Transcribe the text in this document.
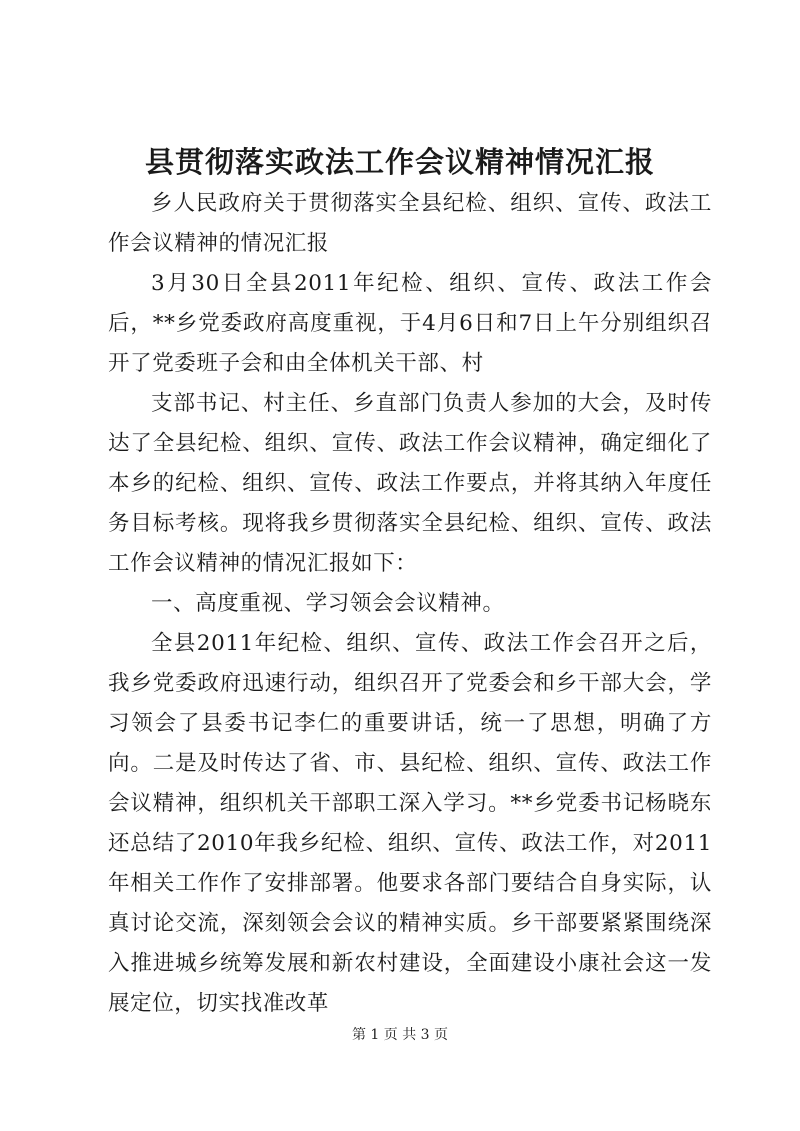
县贯彻落实政法工作会议精神情况汇报

乡人民政府关于贯彻落实全县纪检、组织、宣传、政法工作会议精神的情况汇报

3月30日全县2011年纪检、组织、宣传、政法工作会后，**乡党委政府高度重视，于4月6日和7日上午分别组织召开了党委班子会和由全体机关干部、村

支部书记、村主任、乡直部门负责人参加的大会，及时传达了全县纪检、组织、宣传、政法工作会议精神，确定细化了本乡的纪检、组织、宣传、政法工作要点，并将其纳入年度任务目标考核。现将我乡贯彻落实全县纪检、组织、宣传、政法工作会议精神的情况汇报如下：

一、高度重视、学习领会会议精神。

全县2011年纪检、组织、宣传、政法工作会召开之后，我乡党委政府迅速行动，组织召开了党委会和乡干部大会，学习领会了县委书记李仁的重要讲话，统一了思想，明确了方向。二是及时传达了省、市、县纪检、组织、宣传、政法工作会议精神，组织机关干部职工深入学习。**乡党委书记杨晓东还总结了2010年我乡纪检、组织、宣传、政法工作，对2011年相关工作作了安排部署。他要求各部门要结合自身实际，认真讨论交流，深刻领会会议的精神实质。乡干部要紧紧围绕深入推进城乡统筹发展和新农村建设，全面建设小康社会这一发展定位，切实找准改革

第 1 页 共 3 页
